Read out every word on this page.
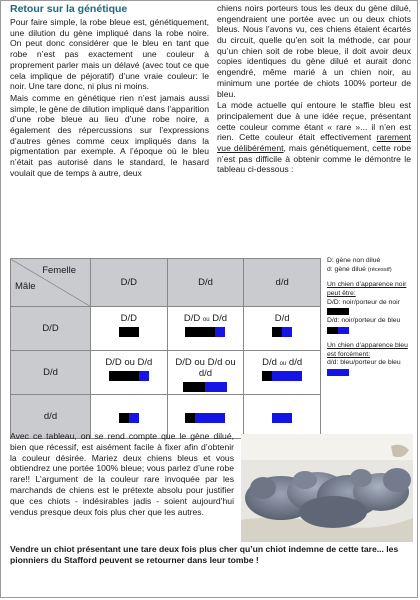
Retour sur la génétique

Pour faire simple, la robe bleue est, génétiquement, une dilution du gène impliqué dans la robe noire. On peut donc considérer que le bleu en tant que robe n’est pas exactement une couleur à proprement parler mais un délavé (avec tout ce que cela implique de péjoratif) d’une vraie couleur: le noir. Une tare donc, ni plus ni moins.

Mais comme en génétique rien n’est jamais aussi simple, le gène de dilution impliqué dans l’apparition d’une robe bleue au lieu d’une robe noire, a également des répercussions sur l’expressions d’autres gènes comme ceux impliqués dans la pigmentation par exemple. A l’époque où le bleu n’était pas autorisé dans le standard, le hasard voulait que de temps à autre, deux

chiens noirs porteurs tous les deux du gène dilué, engendraient une portée avec un ou deux chiots bleus. Nous l’avons vu, ces chiens étaient écartés du circuit, quelle qu’en soit la méthode, car pour qu’un chien soit de robe bleue, il doit avoir deux copies identiques du gène dilué et aurait donc engendré, même marié à un chien noir, au minimum une portée de chiots 100% porteur de bleu.

La mode actuelle qui entoure le staffie bleu est principalement due à une idée reçue, présentant cette couleur comme étant « rare »... il n’en est rien. Cette couleur était effectivement rarement vue délibérément, mais génétiquement, cette robe n’est pas difficile à obtenir comme le démontre le tableau ci-dessous :

Femelle
Mâle	D/D	D/d	d/d
D/D	D/D	D/D ou D/d	D/d

D/d	D/D ou D/d	D/D ou D/d ou d/d	D/d ou d/d

d/d	

D: gène non dilué

d: gène dilué (récessif)

Un chien d’apparence noir peut être:

D/D: noir/porteur de noir

D/d: noir/porteur de bleu

Un chien d’apparence bleu est forcément:

d/d: bleu/porteur de bleu

Avec ce tableau, on se rend compte que le gène dilué, bien que récessif, est aisément facile à fixer afin d’obtenir la couleur désirée. Mariez deux chiens bleus et vous obtiendrez une portée 100% bleue; vous parlez d’une robe rare!! L’argument de la couleur rare invoquée par les marchands de chiens est le prétexte absolu pour justifier que ces chiots - indésirables jadis - soient aujourd’hui vendus presque deux fois plus cher que les autres.

Vendre un chiot présentant une tare deux fois plus cher qu’un chiot indemne de cette tare... les pionniers du Stafford peuvent se retourner dans leur tombe !
